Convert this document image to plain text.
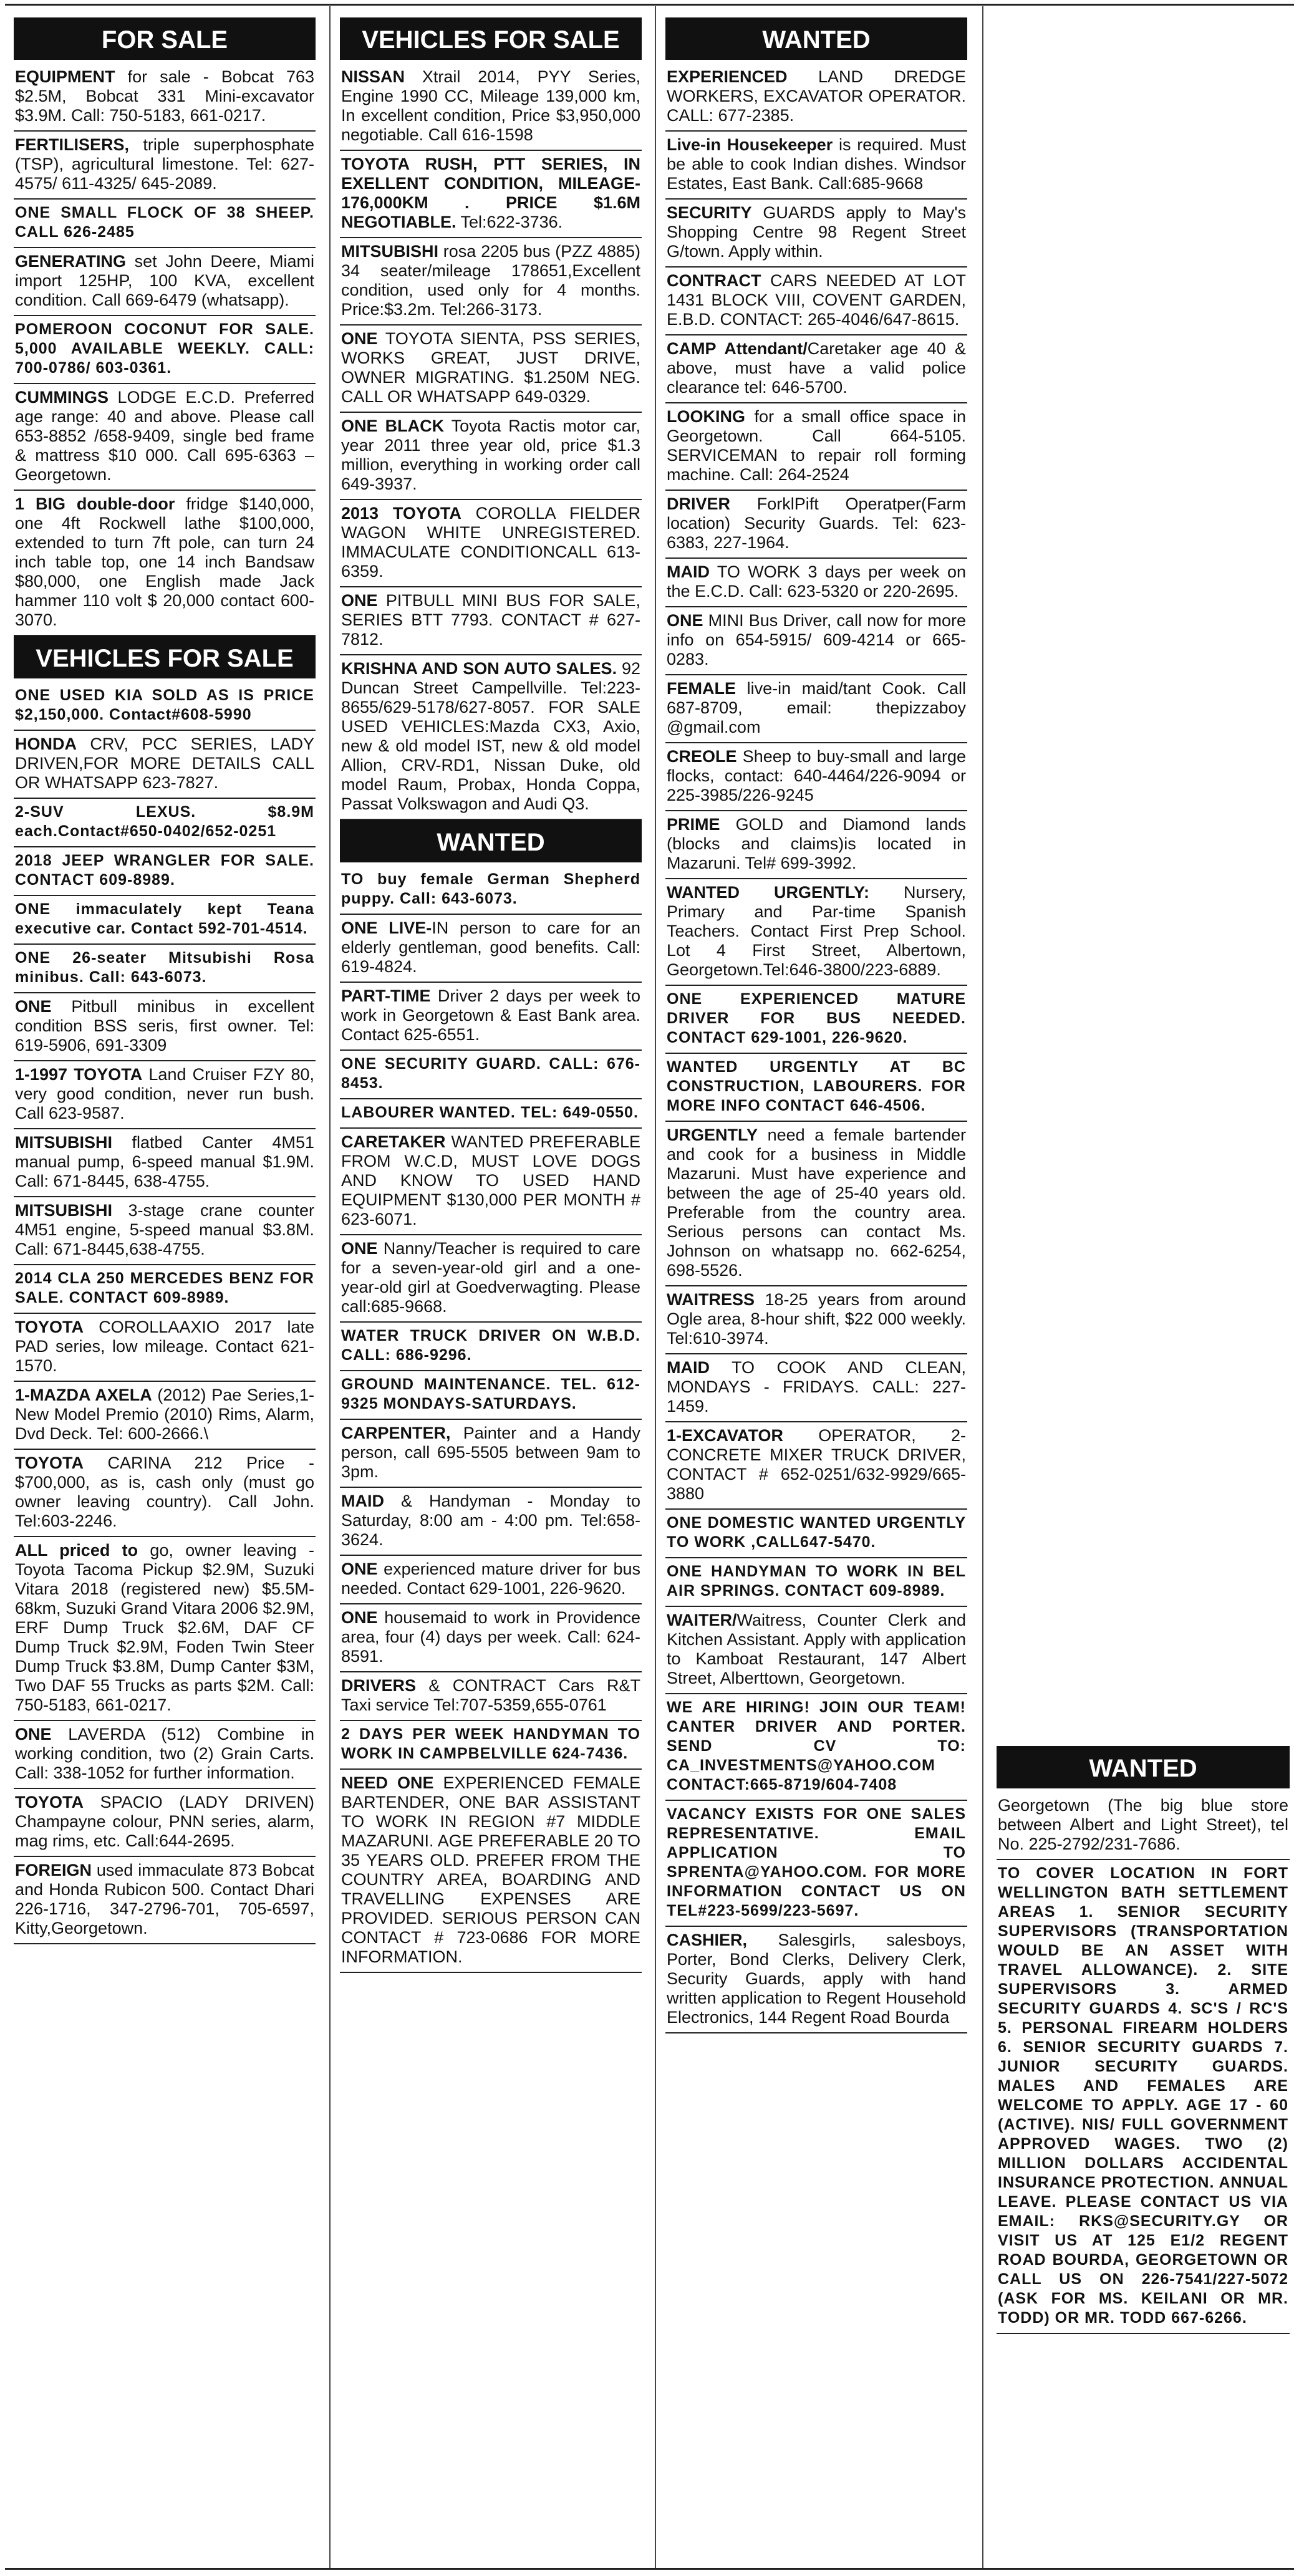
FOR SALE
EQUIPMENT for sale - Bobcat 763 $2.5M, Bobcat 331 Mini-excavator $3.9M. Call: 750-5183, 661-0217.
FERTILISERS, triple superphosphate (TSP), agricultural limestone. Tel: 627-4575/ 611-4325/ 645-2089.
ONE SMALL FLOCK OF 38 SHEEP. CALL 626-2485
GENERATING set John Deere, Miami import 125HP, 100 KVA, excellent condition. Call 669-6479 (whatsapp).
POMEROON COCONUT FOR SALE. 5,000 AVAILABLE WEEKLY. CALL: 700-0786/ 603-0361.
CUMMINGS LODGE E.C.D. Preferred age range: 40 and above. Please call 653-8852 /658-9409, single bed frame & mattress $10 000. Call 695-6363 – Georgetown.
1 BIG double-door fridge $140,000, one 4ft Rockwell lathe $100,000, extended to turn 7ft pole, can turn 24 inch table top, one 14 inch Bandsaw $80,000, one English made Jack hammer 110 volt $ 20,000 contact 600-3070.
VEHICLES FOR SALE
ONE USED KIA SOLD AS IS PRICE $2,150,000. Contact#608-5990
HONDA CRV, PCC SERIES, LADY DRIVEN,FOR MORE DETAILS CALL OR WHATSAPP 623-7827.
2-SUV LEXUS. $8.9M each.Contact#650-0402/652-0251
2018 JEEP WRANGLER FOR SALE. CONTACT 609-8989.
ONE immaculately kept Teana executive car. Contact 592-701-4514.
ONE 26-seater Mitsubishi Rosa minibus. Call: 643-6073.
ONE Pitbull minibus in excellent condition BSS seris, first owner. Tel: 619-5906, 691-3309
1-1997 TOYOTA Land Cruiser FZY 80, very good condition, never run bush. Call 623-9587.
MITSUBISHI flatbed Canter 4M51 manual pump, 6-speed manual $1.9M. Call: 671-8445, 638-4755.
MITSUBISHI 3-stage crane counter 4M51 engine, 5-speed manual $3.8M. Call: 671-8445,638-4755.
2014 CLA 250 MERCEDES BENZ FOR SALE. CONTACT 609-8989.
TOYOTA COROLLAAXIO 2017 late PAD series, low mileage. Contact 621-1570.
1-MAZDA AXELA (2012) Pae Series,1- New Model Premio (2010) Rims, Alarm, Dvd Deck. Tel: 600-2666.\
TOYOTA CARINA 212 Price - $700,000, as is, cash only (must go owner leaving country). Call John. Tel:603-2246.
ALL priced to go, owner leaving - Toyota Tacoma Pickup $2.9M, Suzuki Vitara 2018 (registered new) $5.5M-68km, Suzuki Grand Vitara 2006 $2.9M, ERF Dump Truck $2.6M, DAF CF Dump Truck $2.9M, Foden Twin Steer Dump Truck $3.8M, Dump Canter $3M, Two DAF 55 Trucks as parts $2M. Call: 750-5183, 661-0217.
ONE LAVERDA (512) Combine in working condition, two (2) Grain Carts. Call: 338-1052 for further information.
TOYOTA SPACIO (LADY DRIVEN) Champayne colour, PNN series, alarm, mag rims, etc. Call:644-2695.
FOREIGN used immaculate 873 Bobcat and Honda Rubicon 500. Contact Dhari 226-1716, 347-2796-701, 705-6597, Kitty,Georgetown.
VEHICLES FOR SALE
NISSAN Xtrail 2014, PYY Series, Engine 1990 CC, Mileage 139,000 km, In excellent condition, Price $3,950,000 negotiable. Call 616-1598
TOYOTA RUSH, PTT SERIES, IN EXELLENT CONDITION, MILEAGE-176,000KM . PRICE $1.6M NEGOTIABLE. Tel:622-3736.
MITSUBISHI rosa 2205 bus (PZZ 4885) 34 seater/mileage 178651,Excellent condition, used only for 4 months. Price:$3.2m. Tel:266-3173.
ONE TOYOTA SIENTA, PSS SERIES, WORKS GREAT, JUST DRIVE, OWNER MIGRATING. $1.250M NEG. CALL OR WHATSAPP 649-0329.
ONE BLACK Toyota Ractis motor car, year 2011 three year old, price $1.3 million, everything in working order call 649-3937.
2013 TOYOTA COROLLA FIELDER WAGON WHITE UNREGISTERED. IMMACULATE CONDITIONCALL 613-6359.
ONE PITBULL MINI BUS FOR SALE, SERIES BTT 7793. CONTACT # 627-7812.
KRISHNA AND SON AUTO SALES. 92 Duncan Street Campellville. Tel:223-8655/629-5178/627-8057. FOR SALE USED VEHICLES:Mazda CX3, Axio, new & old model IST, new & old model Allion, CRV-RD1, Nissan Duke, old model Raum, Probax, Honda Coppa, Passat Volkswagon and Audi Q3.
WANTED
TO buy female German Shepherd puppy. Call: 643-6073.
ONE LIVE-IN person to care for an elderly gentleman, good benefits. Call: 619-4824.
PART-TIME Driver 2 days per week to work in Georgetown & East Bank area. Contact 625-6551.
ONE SECURITY GUARD. CALL: 676-8453.
LABOURER WANTED. TEL: 649-0550.
CARETAKER WANTED PREFERABLE FROM W.C.D, MUST LOVE DOGS AND KNOW TO USED HAND EQUIPMENT $130,000 PER MONTH # 623-6071.
ONE Nanny/Teacher is required to care for a seven-year-old girl and a one-year-old girl at Goedverwagting. Please call:685-9668.
WATER TRUCK DRIVER ON W.B.D. CALL: 686-9296.
GROUND MAINTENANCE. TEL. 612-9325 MONDAYS-SATURDAYS.
CARPENTER, Painter and a Handy person, call 695-5505 between 9am to 3pm.
MAID & Handyman - Monday to Saturday, 8:00 am - 4:00 pm. Tel:658-3624.
ONE experienced mature driver for bus needed. Contact 629-1001, 226-9620.
ONE housemaid to work in Providence area, four (4) days per week. Call: 624-8591.
DRIVERS & CONTRACT Cars R&T Taxi service Tel:707-5359,655-0761
2 DAYS PER WEEK HANDYMAN TO WORK IN CAMPBELVILLE 624-7436.
NEED ONE EXPERIENCED FEMALE BARTENDER, ONE BAR ASSISTANT TO WORK IN REGION #7 MIDDLE MAZARUNI. AGE PREFERABLE 20 TO 35 YEARS OLD. PREFER FROM THE COUNTRY AREA, BOARDING AND TRAVELLING EXPENSES ARE PROVIDED. SERIOUS PERSON CAN CONTACT # 723-0686 FOR MORE INFORMATION.
WANTED
EXPERIENCED LAND DREDGE WORKERS, EXCAVATOR OPERATOR. CALL: 677-2385.
Live-in Housekeeper is required. Must be able to cook Indian dishes. Windsor Estates, East Bank. Call:685-9668
SECURITY GUARDS apply to May's Shopping Centre 98 Regent Street G/town. Apply within.
CONTRACT CARS NEEDED AT LOT 1431 BLOCK VIII, COVENT GARDEN, E.B.D. CONTACT: 265-4046/647-8615.
CAMP Attendant/Caretaker age 40 & above, must have a valid police clearance tel: 646-5700.
LOOKING for a small office space in Georgetown. Call 664-5105. SERVICEMAN to repair roll forming machine. Call: 264-2524
DRIVER ForklPift Operatper(Farm location) Security Guards. Tel: 623-6383, 227-1964.
MAID TO WORK 3 days per week on the E.C.D. Call: 623-5320 or 220-2695.
ONE MINI Bus Driver, call now for more info on 654-5915/ 609-4214 or 665-0283.
FEMALE live-in maid/tant Cook. Call 687-8709, email: thepizzaboy @gmail.com
CREOLE Sheep to buy-small and large flocks, contact: 640-4464/226-9094 or 225-3985/226-9245
PRIME GOLD and Diamond lands (blocks and claims)is located in Mazaruni. Tel# 699-3992.
WANTED URGENTLY: Nursery, Primary and Par-time Spanish Teachers. Contact First Prep School. Lot 4 First Street, Albertown, Georgetown.Tel:646-3800/223-6889.
ONE EXPERIENCED MATURE DRIVER FOR BUS NEEDED. CONTACT 629-1001, 226-9620.
WANTED URGENTLY AT BC CONSTRUCTION, LABOURERS. FOR MORE INFO CONTACT 646-4506.
URGENTLY need a female bartender and cook for a business in Middle Mazaruni. Must have experience and between the age of 25-40 years old. Preferable from the country area. Serious persons can contact Ms. Johnson on whatsapp no. 662-6254, 698-5526.
WAITRESS 18-25 years from around Ogle area, 8-hour shift, $22 000 weekly. Tel:610-3974.
MAID TO COOK AND CLEAN, MONDAYS - FRIDAYS. CALL: 227-1459.
1-EXCAVATOR OPERATOR, 2- CONCRETE MIXER TRUCK DRIVER, CONTACT # 652-0251/632-9929/665-3880
ONE DOMESTIC WANTED URGENTLY TO WORK ,CALL647-5470.
ONE HANDYMAN TO WORK IN BEL AIR SPRINGS. CONTACT 609-8989.
WAITER/Waitress, Counter Clerk and Kitchen Assistant. Apply with application to Kamboat Restaurant, 147 Albert Street, Alberttown, Georgetown.
WE ARE HIRING! JOIN OUR TEAM! CANTER DRIVER AND PORTER. SEND CV TO: CA_INVESTMENTS@YAHOO.COM CONTACT:665-8719/604-7408
VACANCY EXISTS FOR ONE SALES REPRESENTATIVE. EMAIL APPLICATION TO SPRENTA@YAHOO.COM. FOR MORE INFORMATION CONTACT US ON TEL#223-5699/223-5697.
CASHIER, Salesgirls, salesboys, Porter, Bond Clerks, Delivery Clerk, Security Guards, apply with hand written application to Regent Household Electronics, 144 Regent Road Bourda
WANTED
Georgetown (The big blue store between Albert and Light Street), tel No. 225-2792/231-7686.
TO COVER LOCATION IN FORT WELLINGTON BATH SETTLEMENT AREAS 1. SENIOR SECURITY SUPERVISORS (TRANSPORTATION WOULD BE AN ASSET WITH TRAVEL ALLOWANCE). 2. SITE SUPERVISORS 3. ARMED SECURITY GUARDS 4. SC'S / RC'S 5. PERSONAL FIREARM HOLDERS 6. SENIOR SECURITY GUARDS 7. JUNIOR SECURITY GUARDS. MALES AND FEMALES ARE WELCOME TO APPLY. AGE 17 - 60 (ACTIVE). NIS/ FULL GOVERNMENT APPROVED WAGES. TWO (2) MILLION DOLLARS ACCIDENTAL INSURANCE PROTECTION. ANNUAL LEAVE. PLEASE CONTACT US VIA EMAIL: RKS@SECURITY.GY OR VISIT US AT 125 E1/2 REGENT ROAD BOURDA, GEORGETOWN OR CALL US ON 226-7541/227-5072 (ASK FOR MS. KEILANI OR MR. TODD) OR MR. TODD 667-6266.
